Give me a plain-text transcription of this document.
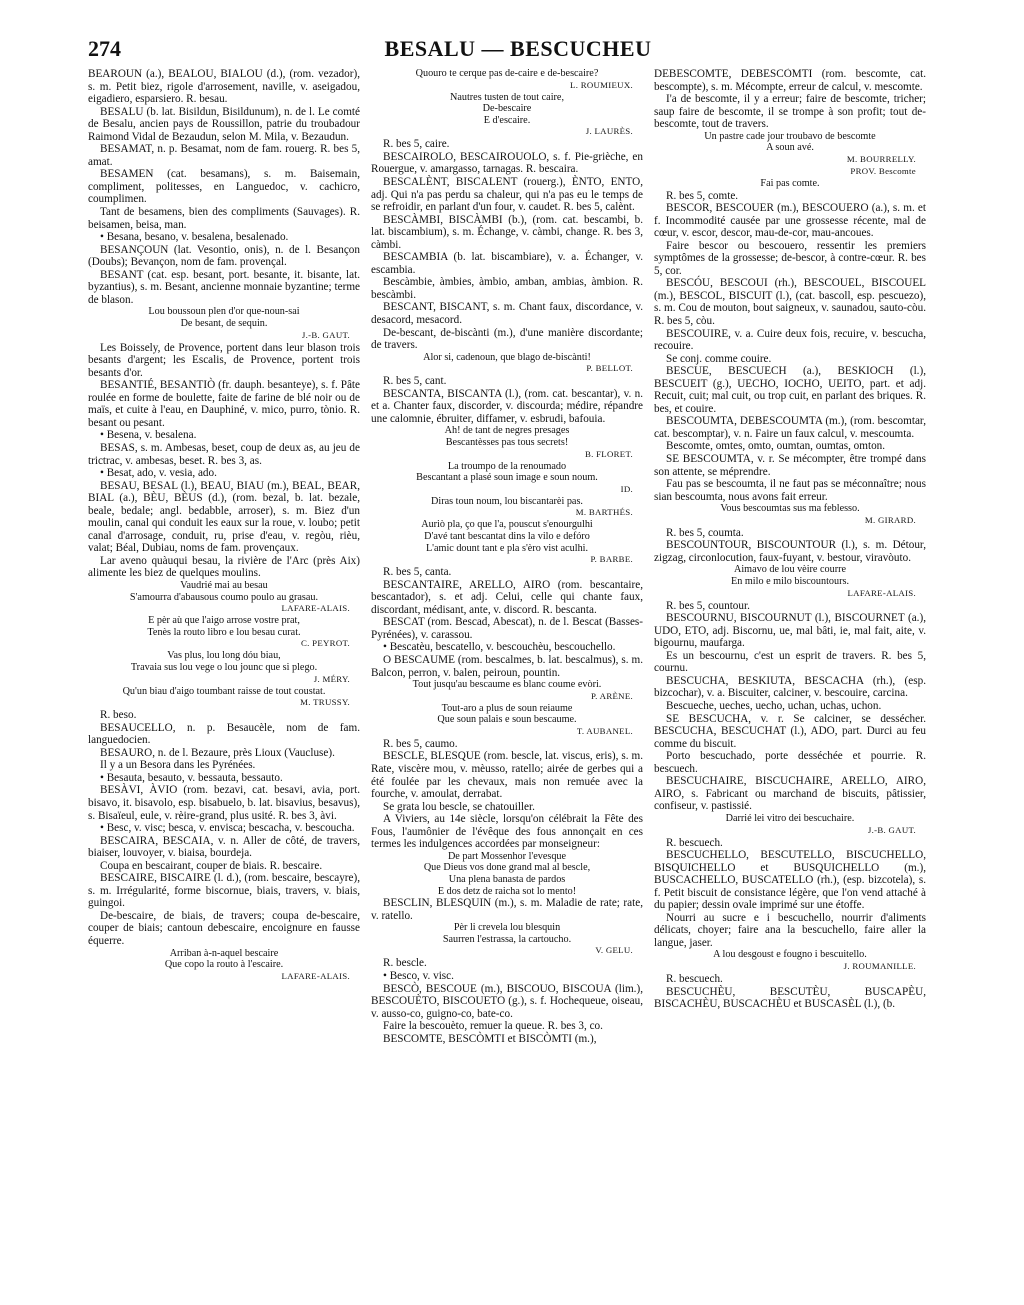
274	BESALU — BESCUCHEU
BEAROUN (a.), BEALOU, BIALOU (d.), (rom. vezador), s. m. Petit biez, rigole d'arrosement, naville, v. aseigadou, eigadiero, esparsiero. R. besau.
BESALU (b. lat. Bisildun, Bisildunum), n. de l. Le comté de Besalu, ancien pays de Roussillon, patrie du troubadour Raimond Vidal de Bezaudun, selon M. Mila, v. Bezaudun.
BESAMAT, n. p. Besamat, nom de fam. rouerg. R. bes 5, amat.
BESAMEN (cat. besamans), s. m. Baisemain, compliment, politesses, en Languedoc, v. cachicro, coumplimen.
Tant de besamens, bien des compliments (Sauvages). R. beisamen, beisa, man.
• Besana, besano, v. besalena, besalenado.
BESANÇOUN (lat. Vesontio, onis), n. de l. Besançon (Doubs); Bevançon, nom de fam. provençal.
BESANT (cat. esp. besant, port. besante, it. bisante, lat. byzantius), s. m. Besant, ancienne monnaie byzantine; terme de blason.
Lou boussoun plen d'or que-noun-sai
De besant, de sequin.
J.-B. GAUT.
Les Boissely, de Provence, portent dans leur blason trois besants d'argent; les Escalis, de Provence, portent trois besants d'or.
BESANTIÉ, BESANTIÒ (fr. dauph. besanteye), s. f. Pâte roulée en forme de boulette, faite de farine de blé noir ou de maïs, et cuite à l'eau, en Dauphiné, v. mico, purro, tònio. R. besant ou pesant.
• Besena, v. besalena.
BESAS, s. m. Ambesas, beset, coup de deux as, au jeu de trictrac, v. ambesas, beset. R. bes 3, as.
• Besat, ado, v. vesia, ado.
BESAU, BESAL (l.), BEAU, BIAU (m.), BEAL, BEAR, BIAL (a.), BÈU, BÈUS (d.), (rom. bezal, b. lat. bezale, beale, bedale; angl. bedabble, arroser), s. m. Biez d'un moulin, canal qui conduit les eaux sur la roue, v. loubo; petit canal d'arrosage, conduit, ru, prise d'eau, v. regòu, rièu, valat; Béal, Dubiau, noms de fam. provençaux.
Lar aveno quàuqui besau, la rivière de l'Arc (près Aix) alimente les biez de quelques moulins.
Vaudrié mai au besau
S'amourra d'abausous coumo poulo au grasau.
LAFARE-ALAIS.
E pèr aù que l'aigo arrose vostre prat,
Tenès la routo libro e lou besau curat.
C. PEYROT.
Vas plus, lou long dóu biau,
Travaia sus lou vege o lou jounc que si plego.
J. MÉRY.
Qu'un biau d'aigo toumbant raisse de tout coustat.
M. TRUSSY.
R. beso.
BESAUCELLO, n. p. Besaucèle, nom de fam. languedocien.
BESAURO, n. de l. Bezaure, près Lioux (Vaucluse).
Il y a un Besora dans les Pyrénées.
• Besauta, besauto, v. bessauta, bessauto.
BESÀVI, ÀVIO (rom. bezavi, cat. besavi, avia, port. bisavo, it. bisavolo, esp. bisabuelo, b. lat. bisavius, besavus), s. Bisaïeul, eule, v. rèire-grand, plus usité. R. bes 3, àvi.
• Besc, v. visc; besca, v. envisca; bescacha, v. bescoucha.
BESCAIRA, BESCAIA, v. n. Aller de côté, de travers, biaiser, louvoyer, v. biaisa, bourdeja.
Coupa en bescairant, couper de biais. R. bescaire.
BESCAIRE, BISCAIRE (l. d.), (rom. bescaire, bescayre), s. m. Irrégularité, forme biscornue, biais, travers, v. biais, guingoi.
De-bescaire, de biais, de travers; coupa de-bescaire, couper de biais; cantoun debescaire, encoignure en fausse équerre.
Arriban à-n-aquel bescaire
Que copo la routo à l'escaire.
LAFARE-ALAIS.
Quouro te cerque pas de-caire e de-bescaire?
L. ROUMIEUX.
Nautres tusten de tout caire,
De-bescaire
E d'escaire.
J. LAURÈS.
R. bes 5, caire.
BESCAIROLO, BESCAIROUOLO, s. f. Pie-grièche, en Rouergue, v. amargasso, tarnagas. R. bescaira.
BESCALÈNT, BISCALENT (rouerg.), ÈNTO, ENTO, adj. Qui n'a pas perdu sa chaleur, qui n'a pas eu le temps de se refroidir, en parlant d'un four, v. caudet. R. bes 5, calènt.
BESCÀMBI, BISCÀMBI (b.), (rom. cat. bescambi, b. lat. biscambium), s. m. Échange, v. càmbi, change. R. bes 3, càmbi.
BESCAMBIA (b. lat. biscambiare), v. a. Échanger, v. escambia.
Bescàmbie, àmbies, àmbio, amban, ambias, àmbion. R. bescàmbi.
BESCANT, BISCANT, s. m. Chant faux, discordance, v. desacord, mesacord.
De-bescant, de-biscànti (m.), d'une manière discordante; de travers.
Alor si, cadenoun, que blago de-biscànti!
P. BELLOT.
R. bes 5, cant.
BESCANTA, BISCANTA (l.), (rom. cat. bescantar), v. n. et a. Chanter faux, discorder, v. discourda; médire, répandre une calomnie, ébruiter, diffamer, v. esbrudi, bafouia.
Ah! de tant de negres presages
Bescantèsses pas tous secrets!
B. FLORET.
La troumpo de la renoumado
Bescantant a plasé soun image e soun noum.
ID.
Diras toun noum, lou biscantarèi pas.
M. BARTHÉS.
Auriò pla, ço que l'a, pouscut s'enourgulhi
D'avé tant bescantat dins la vilo e defóro
L'amic dount tant e pla s'èro vist aculhi.
P. BARBE.
R. bes 5, canta.
BESCANTAIRE, ARELLO, AIRO (rom. bescantaire, bescantador), s. et adj. Celui, celle qui chante faux, discordant, médisant, ante, v. discord. R. bescanta.
BESCAT (rom. Bescad, Abescat), n. de l. Bescat (Basses-Pyrénées), v. carassou.
• Bescatèu, bescatello, v. bescouchèu, bescouchello.
O BESCAUME (rom. bescalmes, b. lat. bescalmus), s. m. Balcon, perron, v. balen, peiroun, pountin.
Tout jusqu'au bescaume es blanc coume evòri.
P. ARÈNE.
Tout-aro a plus de soun reiaume
Que soun palais e soun bescaume.
T. AUBANEL.
R. bes 5, caumo.
BESCLE, BLESQUE (rom. bescle, lat. viscus, eris), s. m. Rate, viscère mou, v. mèusso, ratello; airée de gerbes qui a été foulée par les chevaux, mais non remuée avec la fourche, v. amoulat, derrabat.
Se grata lou bescle, se chatouiller.
A Viviers, au 14e siècle, lorsqu'on célébrait la Fête des Fous, l'aumônier de l'évêque des fous annonçait en ces termes les indulgences accordées par monseigneur:
De part Mossenhor l'evesque
Que Dieus vos done grand mal al bescle,
Una plena banasta de pardos
E dos detz de raicha sot lo mento!
BESCLIN, BLESQUIN (m.), s. m. Maladie de rate; rate, v. ratello.
Pèr li crevela lou blesquin
Saurren l'estrassa, la cartoucho.
V. GELU.
R. bescle.
• Besco, v. visc.
BESCÒ, BESCOUE (m.), BISCOUO, BISCOUA (lim.), BESCOUÈTO, BISCOUETO (g.), s. f. Hochequeue, oiseau, v. ausso-co, guigno-co, bate-co.
Faire la bescouèto, remuer la queue. R. bes 3, co.
BESCOMTE, BESCÒMTI et BISCÒMTI (m.),
DEBESCOMTE, DEBESCÒMTI (rom. bescomte, cat. bescompte), s. m. Mécompte, erreur de calcul, v. mescomte.
I'a de bescomte, il y a erreur; faire de bescomte, tricher; saup faire de bescomte, il se trompe à son profit; tout de-bescomte, tout de travers.
Un pastre cade jour troubavo de bescomte
A soun avé.
M. BOURRELLY.
PROV. Bescomte
Fai pas comte.
R. bes 5, comte.
BESCOR, BESCOUER (m.), BESCOUERO (a.), s. m. et f. Incommodité causée par une grossesse récente, mal de cœur, v. escor, descor, mau-de-cor, mau-ancoues.
Faire bescor ou bescouero, ressentir les premiers symptômes de la grossesse; de-bescor, à contre-cœur. R. bes 5, cor.
BESCÓU, BESCOUI (rh.), BESCOUEL, BISCOUEL (m.), BESCOL, BISCUIT (l.), (cat. bascoll, esp. pescuezo), s. m. Cou de mouton, bout saigneux, v. saunadou, sauto-còu. R. bes 5, còu.
BESCOUIRE, v. a. Cuire deux fois, recuire, v. bescucha, recouire.
Se conj. comme couire.
BESCUE, BESCUECH (a.), BESKIOCH (l.), BESCUEIT (g.), UECHO, IOCHO, UEITO, part. et adj. Recuit, cuit; mal cuit, ou trop cuit, en parlant des briques. R. bes, et couire.
BESCOUMTA, DEBESCOUMTA (m.), (rom. bescomtar, cat. bescomptar), v. n. Faire un faux calcul, v. mescoumta.
Bescomte, omtes, omto, oumtan, oumtas, omton.
SE BESCOUMTA, v. r. Se mécompter, être trompé dans son attente, se méprendre.
Fau pas se bescoumta, il ne faut pas se méconnaître; nous sian bescoumta, nous avons fait erreur.
Vous bescoumtas sus ma feblesso.
M. GIRARD.
R. bes 5, coumta.
BESCOUNTOUR, BISCOUNTOUR (l.), s. m. Détour, zigzag, circonlocution, faux-fuyant, v. bestour, viravòuto.
Aimavo de lou vèire courre
En milo e milo biscountours.
LAFARE-ALAIS.
R. bes 5, countour.
BESCOURNU, BISCOURNUT (l.), BISCOURNET (a.), UDO, ETO, adj. Biscornu, ue, mal bâti, ie, mal fait, aite, v. bigournu, maufarga.
Es un bescournu, c'est un esprit de travers. R. bes 5, cournu.
BESCUCHA, BESKIUTA, BESCACHA (rh.), (esp. bizcochar), v. a. Biscuiter, calciner, v. bescouire, carcina.
Bescueche, ueches, uecho, uchan, uchas, uchon.
SE BESCUCHA, v. r. Se calciner, se dessécher. BESCUCHA, BESCUCHAT (l.), ADO, part. Durci au feu comme du biscuit.
Porto bescuchado, porte desséchée et pourrie. R. bescuech.
BESCUCHAIRE, BISCUCHAIRE, ARELLO, AIRO, AIRO, s. Fabricant ou marchand de biscuits, pâtissier, confiseur, v. pastissié.
Darrié lei vitro dei bescuchaire.
J.-B. GAUT.
R. bescuech.
BESCUCHELLO, BESCUTELLO, BISCUCHELLO, BISQUICHELLO et BUSQUICHELLO (m.), BUSCACHELLO, BUSCATELLO (rh.), (esp. bizcotela), s. f. Petit biscuit de consistance légère, que l'on vend attaché à du papier; dessin ovale imprimé sur une étoffe.
Nourri au sucre e i bescuchello, nourrir d'aliments délicats, choyer; faire ana la bescuchello, faire aller la langue, jaser.
A lou desgoust e fougno i bescuitello.
J. ROUMANILLE.
R. bescuech.
BESCUCHÈU, BESCUTÈU, BUSCAPÈU, BISCACHÈU, BUSCACHÈU et BUSCASÈL (l.), (b.
